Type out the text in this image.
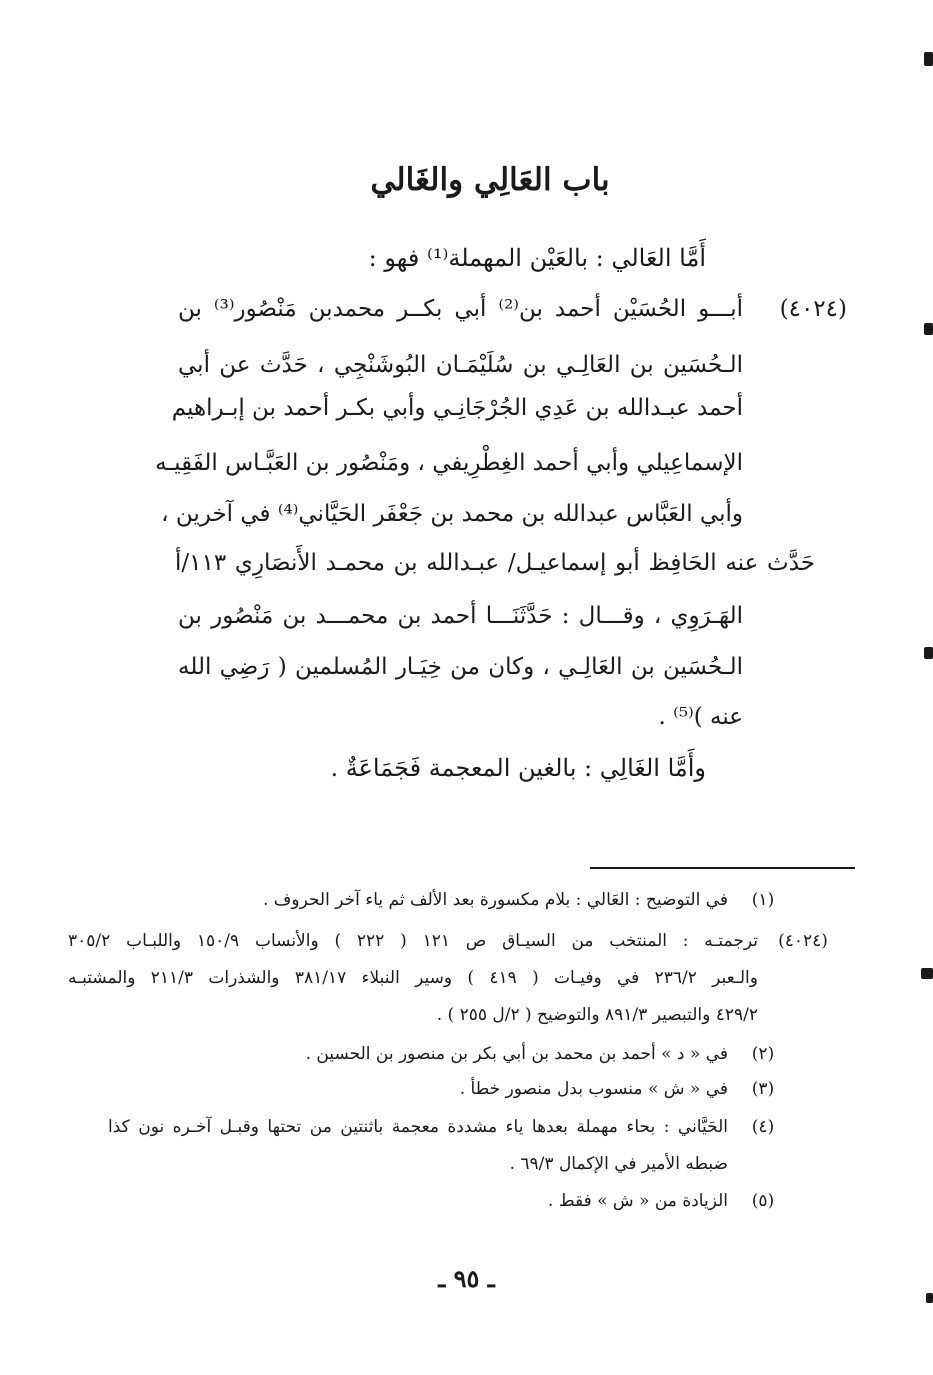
باب العَالِي والغَالي
أَمَّا العَالي : بالعَيْن المهملة⁽¹⁾ فهو :
(٤٠٢٤)
أبـــو الحُسَيْن أحمد بن⁽²⁾ أبي بكــر محمدبن مَنْصُور⁽³⁾ بن
الـحُسَين بن العَالِـي بن سُلَيْمَـان البُوشَنْجِي ، حَدَّث عن أبي
أحمد عبـدالله بن عَدِي الجُرْجَانِـي وأبي بكـر أحمد بن إبـراهيم
الإسماعِيلي وأبي أحمد الغِطْرِيفي ، ومَنْصُور بن العَبَّـاس الفَقِيـه
وأبي العَبَّاس عبدالله بن محمد بن جَعْفَر الحَيَّاني⁽⁴⁾ في آخرين ،
حَدَّث عنه الحَافِظ أبو إسماعيـل/ عبـدالله بن محمـد الأَنصَارِي ١١٣/أ
الهَـرَوِي ، وقـــال : حَدَّثَنَـــا أحمد بن محمـــد بن مَنْصُور بن
الـحُسَين بن العَالِـي ، وكان من خِيَـار المُسلمين ( رَضِي الله
عنه )⁽⁵⁾ .
وأَمَّا الغَالِي : بالغين المعجمة فَجَمَاعَةٌ .
(١)
في التوضيح : العَالي : بلام مكسورة بعد الألف ثم ياء آخر الحروف .
(٤٠٢٤)
ترجمتـه : المنتخب من السيـاق ص ١٢١ ( ٢٢٢ ) والأنساب ١٥٠/٩ واللبـاب ٣٠٥/٢
والـعبر ٢٣٦/٢ في وفيـات ( ٤١٩ ) وسير النبلاء ٣٨١/١٧ والشذرات ٢١١/٣ والمشتبـه
٤٢٩/٢ والتبصير ٨٩١/٣ والتوضيح ( ٢/ل ٢٥٥ ) .
(٢)
في « د » أحمد بن محمد بن أبي بكر بن منصور بن الحسين .
(٣)
في « ش » منسوب بدل منصور خطأ .
(٤)
الحَيَّاني : بحاء مهملة بعدها ياء مشددة معجمة باثنتين من تحتها وقبـل آخـره نون كذا
ضبطه الأمير في الإكمال ٦٩/٣ .
(٥)
الزيادة من « ش » فقط .
ـ ٩٥ ـ
